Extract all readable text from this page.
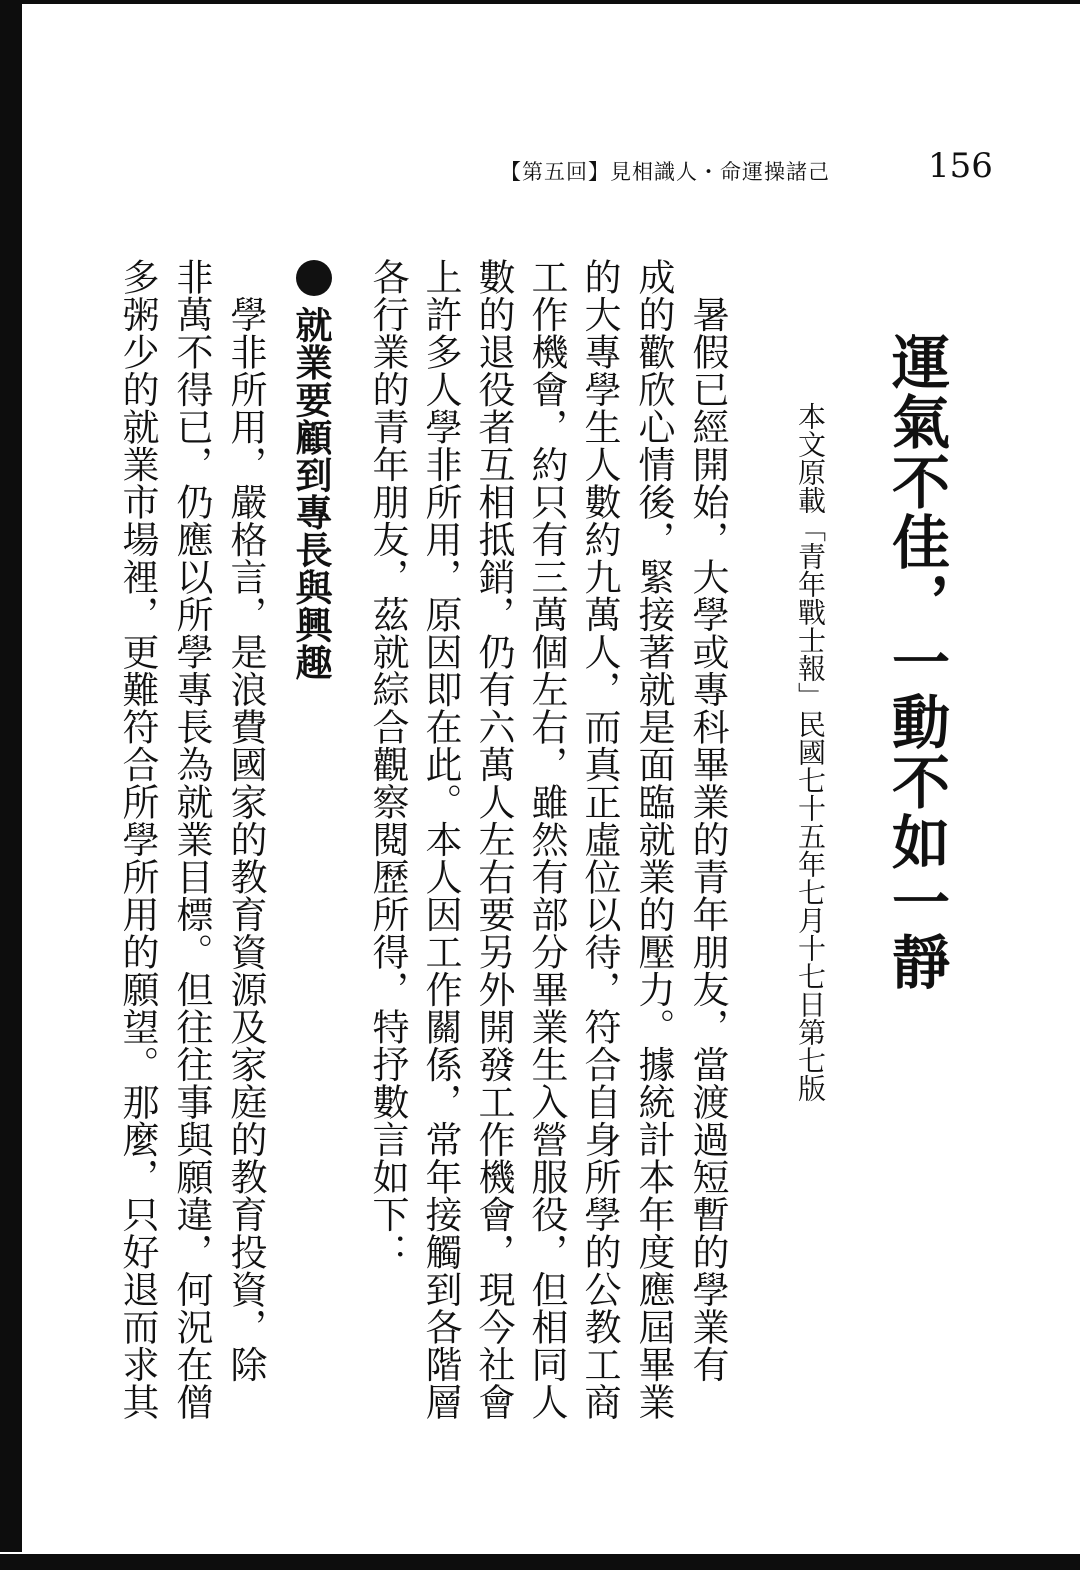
【第五回】見相識人・命運操諸己	156
運氣不佳，一動不如一靜
本文原載「青年戰士報」民國七十五年七月十七日第七版

　暑假已經開始，大學或專科畢業的青年朋友，當渡過短暫的學業有

成的歡欣心情後，緊接著就是面臨就業的壓力。據統計本年度應屆畢業

的大專學生人數約九萬人，而真正虛位以待，符合自身所學的公教工商

工作機會，約只有三萬個左右，雖然有部分畢業生入營服役，但相同人

數的退役者互相抵銷，仍有六萬人左右要另外開發工作機會，現今社會

上許多人學非所用，原因即在此。本人因工作關係，常年接觸到各階層

各行業的青年朋友，茲就綜合觀察閱歷所得，特抒數言如下：

就業要顧到專長與興趣

　學非所用，嚴格言，是浪費國家的教育資源及家庭的教育投資，除

非萬不得已，仍應以所學專長為就業目標。但往往事與願違，何況在僧

多粥少的就業市場裡，更難符合所學所用的願望。那麼，只好退而求其
